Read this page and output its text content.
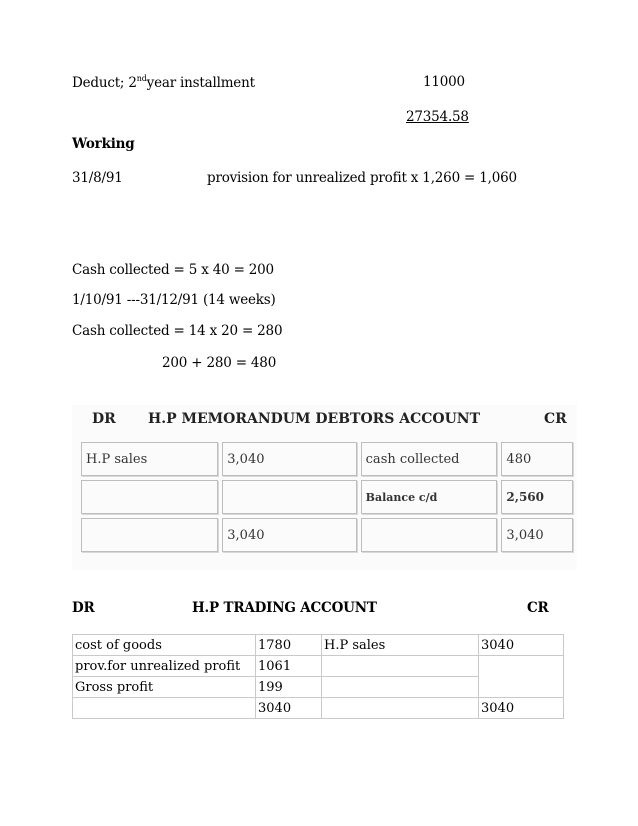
Deduct; 2ndyear installment	11000
27354.58
Working
31/8/91	provision for unrealized profit x 1,260 = 1,060
Cash collected = 5 x 40 = 200
1/10/91 ---31/12/91 (14 weeks)
Cash collected = 14 x 20 = 280
200 + 280 = 480
DR H.P MEMORANDUM DEBTORS ACCOUNT	CR
H.P sales	3,040	cash collected	480
		Balance c/d	2,560
	3,040		3,040
DR	H.P TRADING ACCOUNT	CR
cost of goods	1780	H.P sales	3040
prov.for unrealized profit	1061		
Gross profit	199		
	3040		3040
